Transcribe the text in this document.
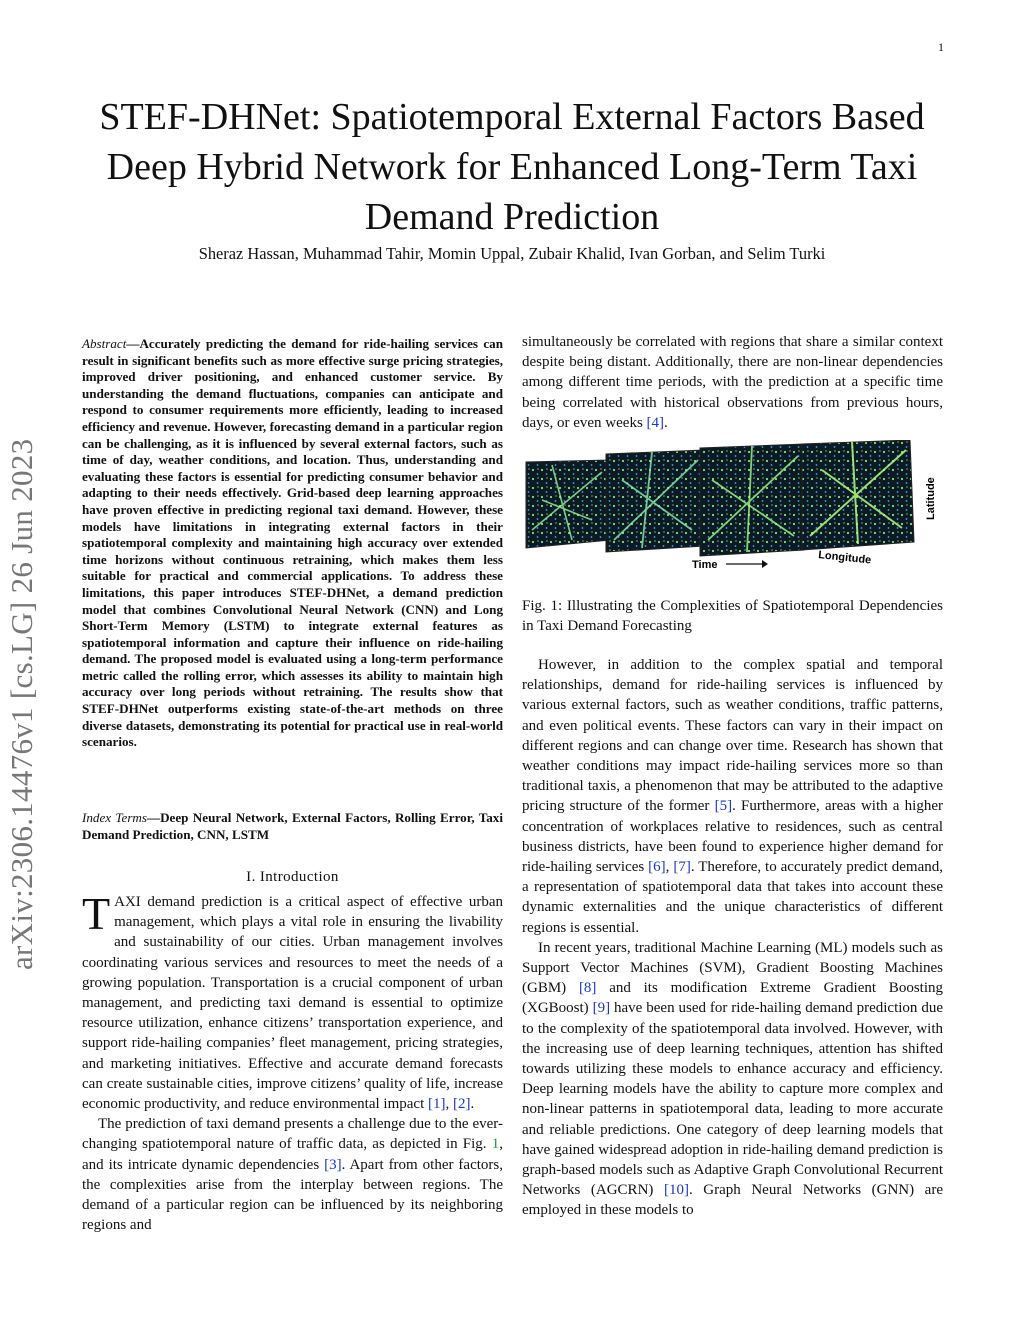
1
arXiv:2306.14476v1 [cs.LG] 26 Jun 2023
STEF-DHNet: Spatiotemporal External Factors Based Deep Hybrid Network for Enhanced Long-Term Taxi Demand Prediction
Sheraz Hassan, Muhammad Tahir, Momin Uppal, Zubair Khalid, Ivan Gorban, and Selim Turki
Abstract—Accurately predicting the demand for ride-hailing services can result in significant benefits such as more effective surge pricing strategies, improved driver positioning, and enhanced customer service. By understanding the demand fluctuations, companies can anticipate and respond to consumer requirements more efficiently, leading to increased efficiency and revenue. However, forecasting demand in a particular region can be challenging, as it is influenced by several external factors, such as time of day, weather conditions, and location. Thus, understanding and evaluating these factors is essential for predicting consumer behavior and adapting to their needs effectively. Grid-based deep learning approaches have proven effective in predicting regional taxi demand. However, these models have limitations in integrating external factors in their spatiotemporal complexity and maintaining high accuracy over extended time horizons without continuous retraining, which makes them less suitable for practical and commercial applications. To address these limitations, this paper introduces STEF-DHNet, a demand prediction model that combines Convolutional Neural Network (CNN) and Long Short-Term Memory (LSTM) to integrate external features as spatiotemporal information and capture their influence on ride-hailing demand. The proposed model is evaluated using a long-term performance metric called the rolling error, which assesses its ability to maintain high accuracy over long periods without retraining. The results show that STEF-DHNet outperforms existing state-of-the-art methods on three diverse datasets, demonstrating its potential for practical use in real-world scenarios.
Index Terms—Deep Neural Network, External Factors, Rolling Error, Taxi Demand Prediction, CNN, LSTM
I. Introduction

TAXI demand prediction is a critical aspect of effective urban management, which plays a vital role in ensuring the livability and sustainability of our cities. Urban management involves coordinating various services and resources to meet the needs of a growing population. Transportation is a crucial component of urban management, and predicting taxi demand is essential to optimize resource utilization, enhance citizens’ transportation experience, and support ride-hailing companies’ fleet management, pricing strategies, and marketing initiatives. Effective and accurate demand forecasts can create sustainable cities, improve citizens’ quality of life, increase economic productivity, and reduce environmental impact [1], [2].

The prediction of taxi demand presents a challenge due to the ever-changing spatiotemporal nature of traffic data, as depicted in Fig. 1, and its intricate dynamic dependencies [3]. Apart from other factors, the complexities arise from the interplay between regions. The demand of a particular region can be influenced by its neighboring regions and

simultaneously be correlated with regions that share a similar context despite being distant. Additionally, there are non-linear dependencies among different time periods, with the prediction at a specific time being correlated with historical observations from previous hours, days, or even weeks [4].

Longitude
Latitude
Time
Fig. 1: Illustrating the Complexities of Spatiotemporal Dependencies in Taxi Demand Forecasting

However, in addition to the complex spatial and temporal relationships, demand for ride-hailing services is influenced by various external factors, such as weather conditions, traffic patterns, and even political events. These factors can vary in their impact on different regions and can change over time. Research has shown that weather conditions may impact ride-hailing services more so than traditional taxis, a phenomenon that may be attributed to the adaptive pricing structure of the former [5]. Furthermore, areas with a higher concentration of workplaces relative to residences, such as central business districts, have been found to experience higher demand for ride-hailing services [6], [7]. Therefore, to accurately predict demand, a representation of spatiotemporal data that takes into account these dynamic externalities and the unique characteristics of different regions is essential.

In recent years, traditional Machine Learning (ML) models such as Support Vector Machines (SVM), Gradient Boosting Machines (GBM) [8] and its modification Extreme Gradient Boosting (XGBoost) [9] have been used for ride-hailing demand prediction due to the complexity of the spatiotemporal data involved. However, with the increasing use of deep learning techniques, attention has shifted towards utilizing these models to enhance accuracy and efficiency. Deep learning models have the ability to capture more complex and non-linear patterns in spatiotemporal data, leading to more accurate and reliable predictions. One category of deep learning models that have gained widespread adoption in ride-hailing demand prediction is graph-based models such as Adaptive Graph Convolutional Recurrent Networks (AGCRN) [10]. Graph Neural Networks (GNN) are employed in these models to
